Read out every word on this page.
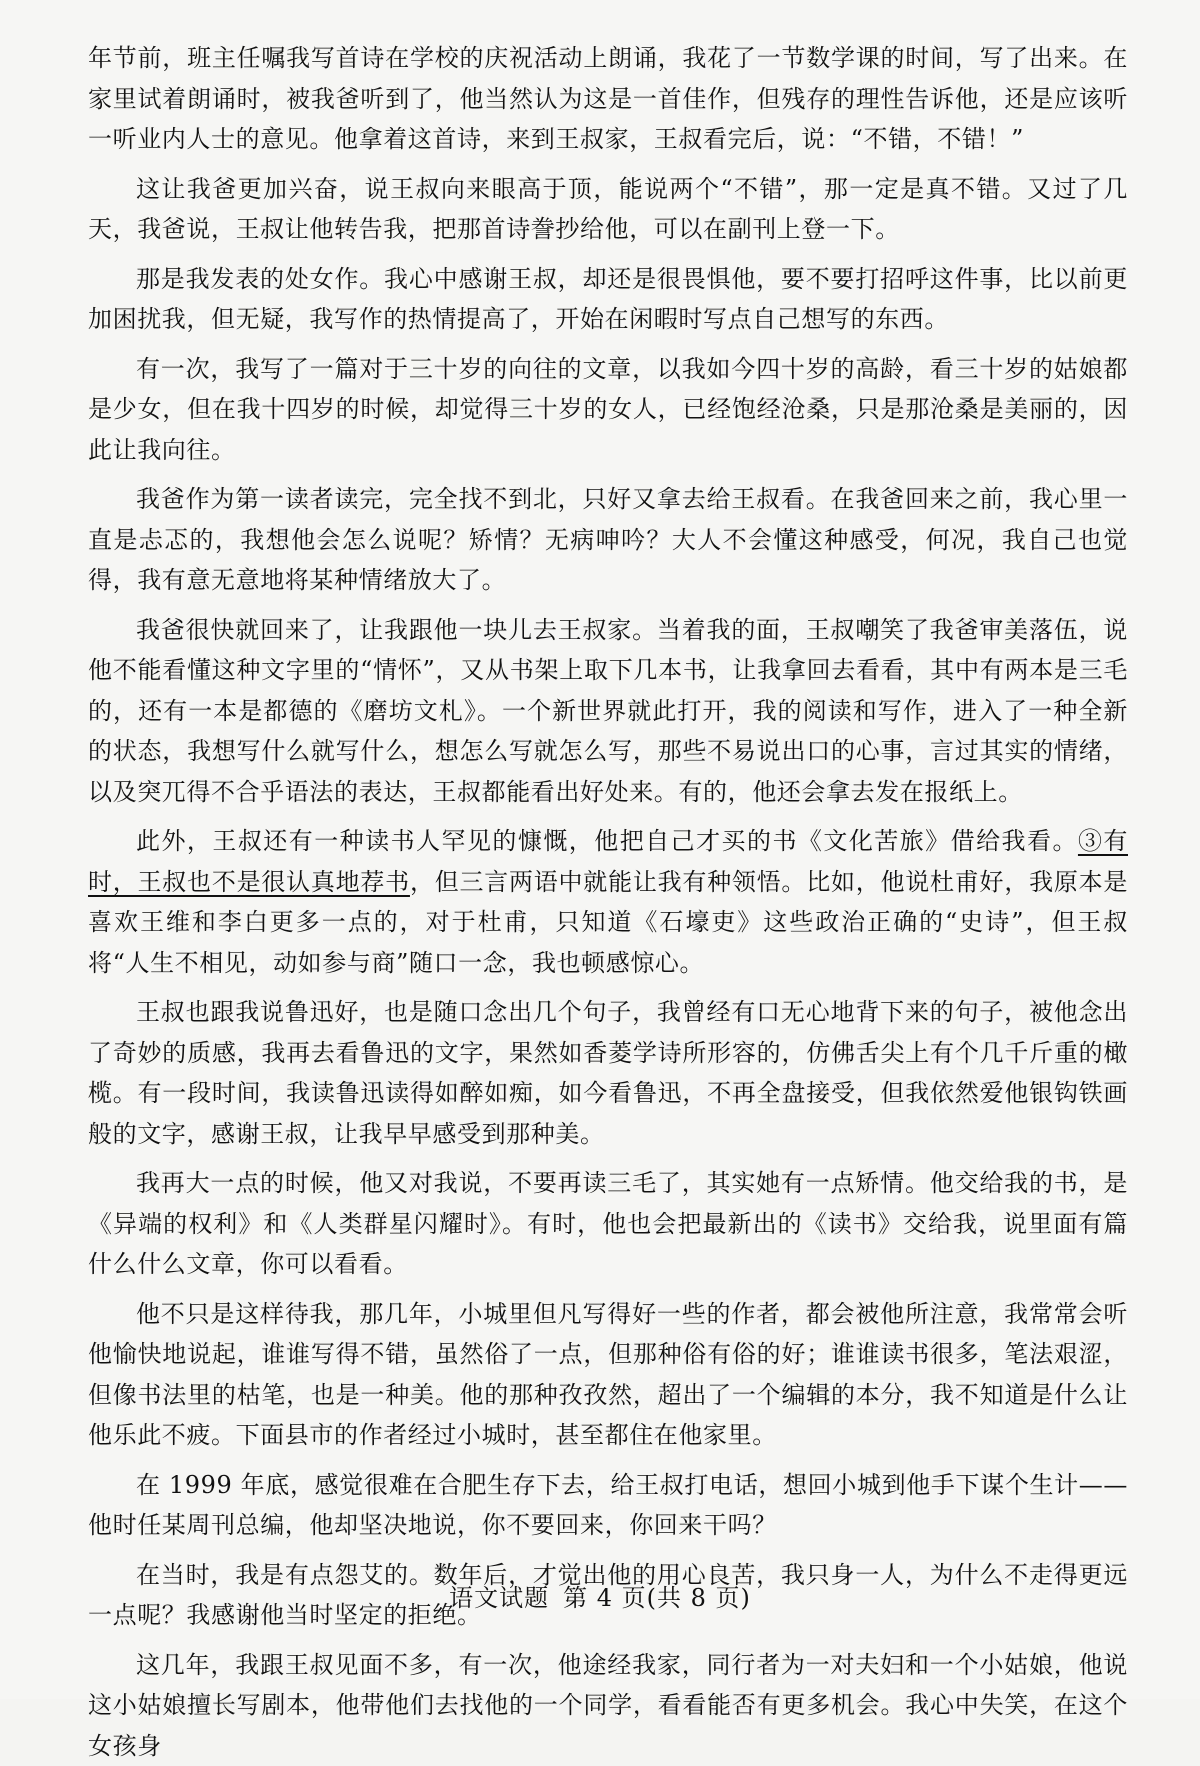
年节前，班主任嘱我写首诗在学校的庆祝活动上朗诵，我花了一节数学课的时间，写了出来。在家里试着朗诵时，被我爸听到了，他当然认为这是一首佳作，但残存的理性告诉他，还是应该听一听业内人士的意见。他拿着这首诗，来到王叔家，王叔看完后，说：“不错，不错！”

这让我爸更加兴奋，说王叔向来眼高于顶，能说两个“不错”，那一定是真不错。又过了几天，我爸说，王叔让他转告我，把那首诗誊抄给他，可以在副刊上登一下。

那是我发表的处女作。我心中感谢王叔，却还是很畏惧他，要不要打招呼这件事，比以前更加困扰我，但无疑，我写作的热情提高了，开始在闲暇时写点自己想写的东西。

有一次，我写了一篇对于三十岁的向往的文章，以我如今四十岁的高龄，看三十岁的姑娘都是少女，但在我十四岁的时候，却觉得三十岁的女人，已经饱经沧桑，只是那沧桑是美丽的，因此让我向往。

我爸作为第一读者读完，完全找不到北，只好又拿去给王叔看。在我爸回来之前，我心里一直是忐忑的，我想他会怎么说呢？矫情？无病呻吟？大人不会懂这种感受，何况，我自己也觉得，我有意无意地将某种情绪放大了。

我爸很快就回来了，让我跟他一块儿去王叔家。当着我的面，王叔嘲笑了我爸审美落伍，说他不能看懂这种文字里的“情怀”，又从书架上取下几本书，让我拿回去看看，其中有两本是三毛的，还有一本是都德的《磨坊文札》。一个新世界就此打开，我的阅读和写作，进入了一种全新的状态，我想写什么就写什么，想怎么写就怎么写，那些不易说出口的心事，言过其实的情绪，以及突兀得不合乎语法的表达，王叔都能看出好处来。有的，他还会拿去发在报纸上。

此外，王叔还有一种读书人罕见的慷慨，他把自己才买的书《文化苦旅》借给我看。③有时，王叔也不是很认真地荐书，但三言两语中就能让我有种领悟。比如，他说杜甫好，我原本是喜欢王维和李白更多一点的，对于杜甫，只知道《石壕吏》这些政治正确的“史诗”，但王叔将“人生不相见，动如参与商”随口一念，我也顿感惊心。

王叔也跟我说鲁迅好，也是随口念出几个句子，我曾经有口无心地背下来的句子，被他念出了奇妙的质感，我再去看鲁迅的文字，果然如香菱学诗所形容的，仿佛舌尖上有个几千斤重的橄榄。有一段时间，我读鲁迅读得如醉如痴，如今看鲁迅，不再全盘接受，但我依然爱他银钩铁画般的文字，感谢王叔，让我早早感受到那种美。

我再大一点的时候，他又对我说，不要再读三毛了，其实她有一点矫情。他交给我的书，是《异端的权利》和《人类群星闪耀时》。有时，他也会把最新出的《读书》交给我，说里面有篇什么什么文章，你可以看看。

他不只是这样待我，那几年，小城里但凡写得好一些的作者，都会被他所注意，我常常会听他愉快地说起，谁谁写得不错，虽然俗了一点，但那种俗有俗的好；谁谁读书很多，笔法艰涩，但像书法里的枯笔，也是一种美。他的那种孜孜然，超出了一个编辑的本分，我不知道是什么让他乐此不疲。下面县市的作者经过小城时，甚至都住在他家里。

在 1999 年底，感觉很难在合肥生存下去，给王叔打电话，想回小城到他手下谋个生计——他时任某周刊总编，他却坚决地说，你不要回来，你回来干吗？

在当时，我是有点怨艾的。数年后，才觉出他的用心良苦，我只身一人，为什么不走得更远一点呢？我感谢他当时坚定的拒绝。

这几年，我跟王叔见面不多，有一次，他途经我家，同行者为一对夫妇和一个小姑娘，他说这小姑娘擅长写剧本，他带他们去找他的一个同学，看看能否有更多机会。我心中失笑，在这个女孩身

语文试题 第 4 页(共 8 页)
